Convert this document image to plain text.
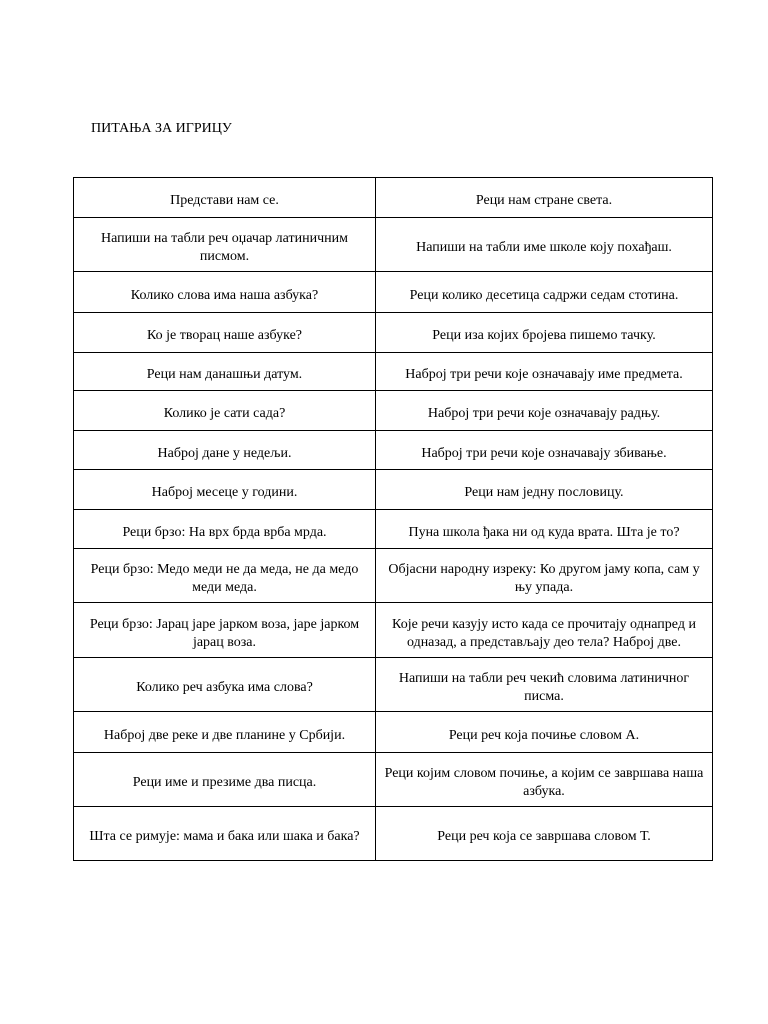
ПИТАЊА ЗА ИГРИЦУ
Представи нам се.	Реци нам стране света.
Напиши на табли реч оџачар латиничним писмом.	Напиши на табли име школе коју похађаш.
Колико слова има наша азбука?	Реци колико десетица садржи седам стотина.
Ко је творац наше азбуке?	Реци иза којих бројева пишемо тачку.
Реци нам данашњи датум.	Наброј три речи које означавају име предмета.
Колико је сати сада?	Наброј три речи које означавају радњу.
Наброј дане у недељи.	Наброј три речи које означавају збивање.
Наброј месеце у години.	Реци нам једну пословицу.
Реци брзо: На врх брда врба мрда.	Пуна школа ђака ни од куда врата. Шта је то?
Реци брзо: Медо меди не да меда, не да медо меди меда.	Објасни народну изреку: Ко другом јаму копа, сам у њу упада.
Реци брзо: Јарац јаре јарком воза, јаре јарком јарац воза.	Које речи казују исто када се прочитају однапред и одназад, а представљају део тела? Наброј две.
Колико реч азбука има слова?	Напиши на табли реч чекић словима латиничног писма.
Наброј две реке и две планине у Србији.	Реци реч која почиње словом А.
Реци име и презиме два писца.	Реци којим словом почиње, а којим се завршава наша азбука.
Шта се римује: мама и бака или шака и бака?	Реци реч која се завршава словом Т.
